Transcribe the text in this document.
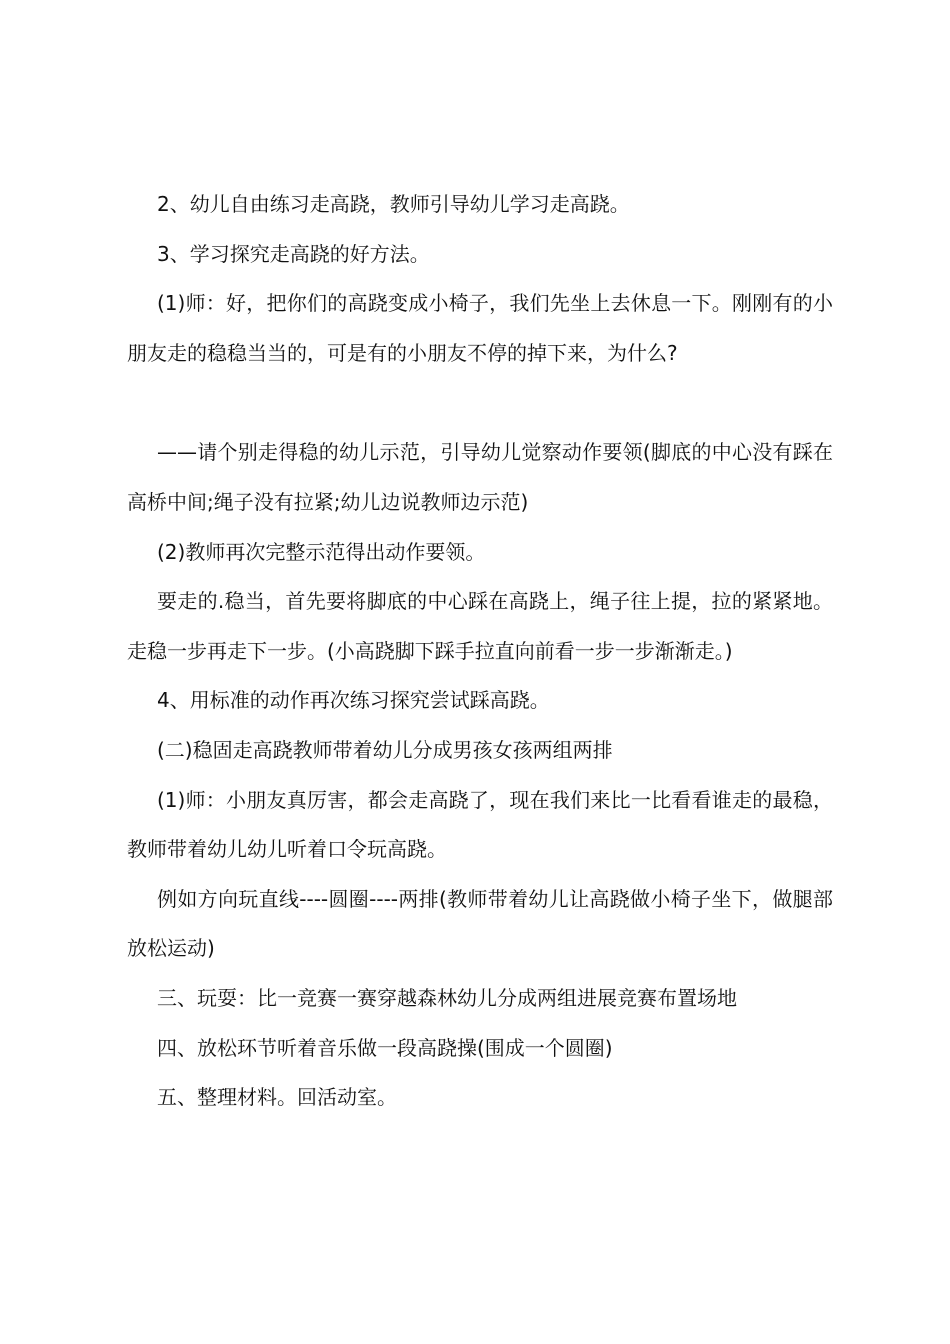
2、幼儿自由练习走高跷，教师引导幼儿学习走高跷。

3、学习探究走高跷的好方法。

(1)师：好，把你们的高跷变成小椅子，我们先坐上去休息一下。刚刚有的小朋友走的稳稳当当的，可是有的小朋友不停的掉下来，为什么?

——请个别走得稳的幼儿示范，引导幼儿觉察动作要领(脚底的中心没有踩在高桥中间;绳子没有拉紧;幼儿边说教师边示范)

(2)教师再次完整示范得出动作要领。

要走的.稳当，首先要将脚底的中心踩在高跷上，绳子往上提，拉的紧紧地。走稳一步再走下一步。(小高跷脚下踩手拉直向前看一步一步渐渐走。)

4、用标准的动作再次练习探究尝试踩高跷。

(二)稳固走高跷教师带着幼儿分成男孩女孩两组两排

(1)师：小朋友真厉害，都会走高跷了，现在我们来比一比看看谁走的最稳，教师带着幼儿幼儿听着口令玩高跷。

例如方向玩直线----圆圈----两排(教师带着幼儿让高跷做小椅子坐下，做腿部放松运动)

三、玩耍：比一竞赛一赛穿越森林幼儿分成两组进展竞赛布置场地

四、放松环节听着音乐做一段高跷操(围成一个圆圈)

五、整理材料。回活动室。
